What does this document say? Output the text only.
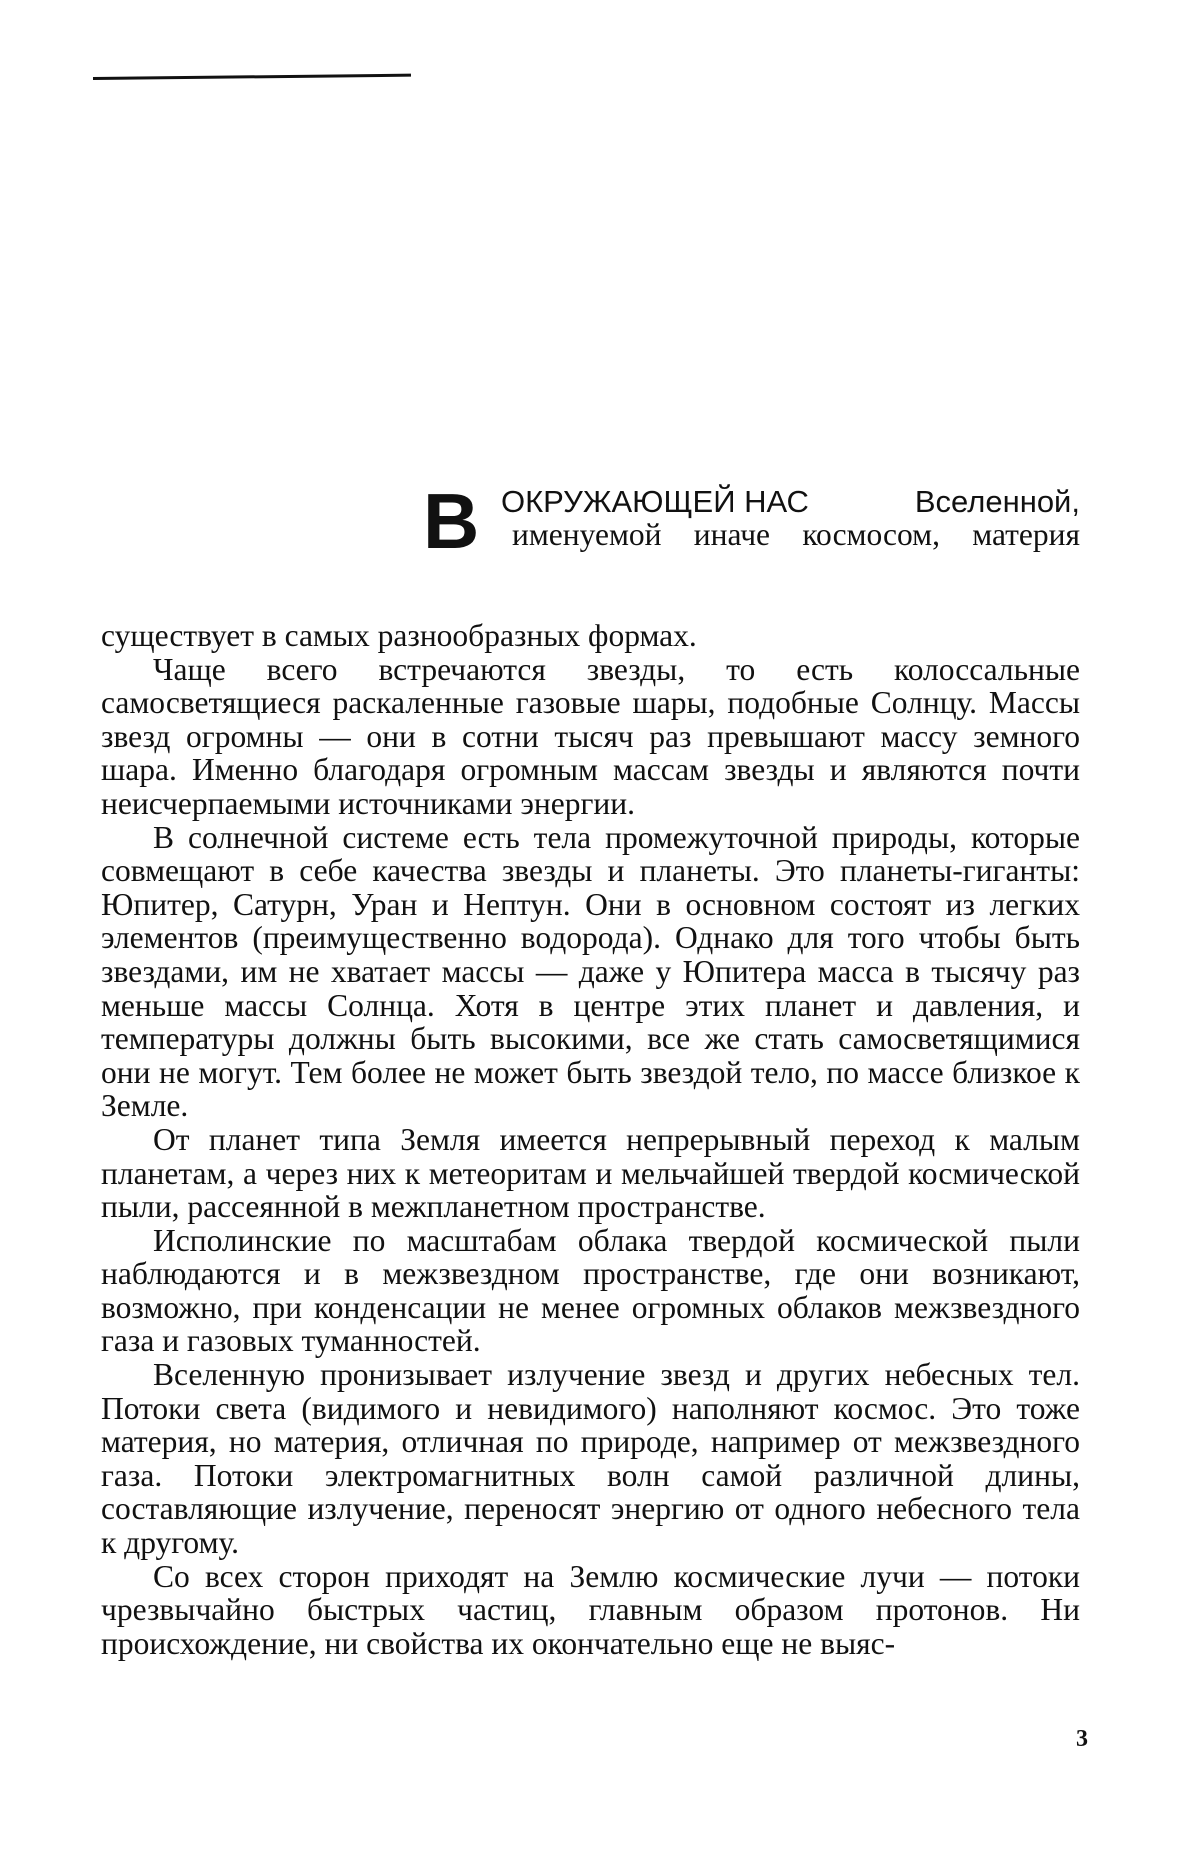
В ОКРУЖАЮЩЕЙ НАС	Вселенной,
именуемой иначе космосом, материя

существует в самых разнообразных формах.

Чаще всего встречаются звезды, то есть колоссальные самосветящиеся раскаленные газовые шары, подобные Солнцу. Массы звезд огромны — они в сотни тысяч раз превышают массу земного шара. Именно благодаря огромным массам звезды и являются почти неисчерпаемыми источниками энергии.

В солнечной системе есть тела промежуточной природы, которые совмещают в себе качества звезды и планеты. Это планеты-гиганты: Юпитер, Сатурн, Уран и Нептун. Они в основном состоят из легких элементов (преимущественно водорода). Однако для того чтобы быть звездами, им не хватает массы — даже у Юпитера масса в тысячу раз меньше массы Солнца. Хотя в центре этих планет и давления, и температуры должны быть высокими, все же стать самосветящимися они не могут. Тем более не может быть звездой тело, по массе близкое к Земле.

От планет типа Земля имеется непрерывный переход к малым планетам, а через них к метеоритам и мельчайшей твердой космической пыли, рассеянной в межпланетном пространстве.

Исполинские по масштабам облака твердой космической пыли наблюдаются и в межзвездном пространстве, где они возникают, возможно, при конденсации не менее огромных облаков межзвездного газа и газовых туманностей.

Вселенную пронизывает излучение звезд и других небесных тел. Потоки света (видимого и невидимого) наполняют космос. Это тоже материя, но материя, отличная по природе, например от межзвездного газа. Потоки электромагнитных волн самой различной длины, составляющие излучение, переносят энергию от одного небесного тела к другому.

Со всех сторон приходят на Землю космические лучи — потоки чрезвычайно быстрых частиц, главным образом протонов. Ни происхождение, ни свойства их окончательно еще не выяс-

3
